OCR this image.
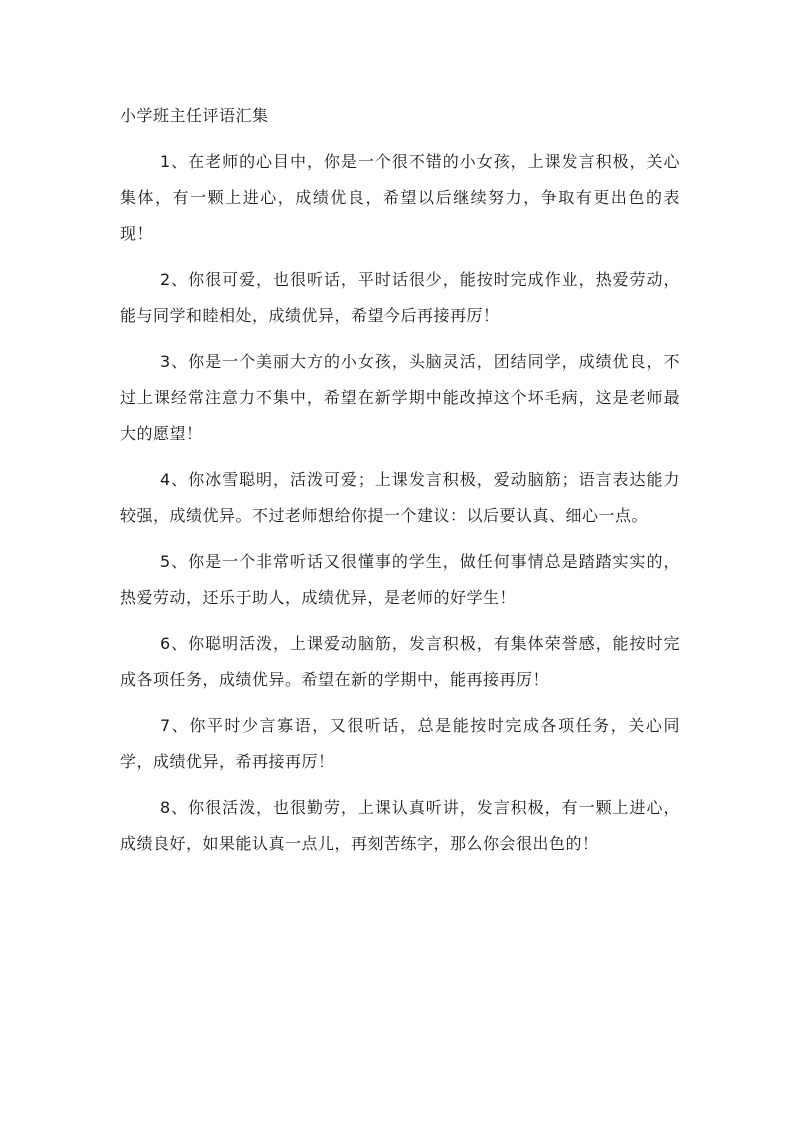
小学班主任评语汇集

1、在老师的心目中，你是一个很不错的小女孩，上课发言积极，关心集体，有一颗上进心，成绩优良，希望以后继续努力，争取有更出色的表现！

2、你很可爱，也很听话，平时话很少，能按时完成作业，热爱劳动，能与同学和睦相处，成绩优异，希望今后再接再厉！

3、你是一个美丽大方的小女孩，头脑灵活，团结同学，成绩优良，不过上课经常注意力不集中，希望在新学期中能改掉这个坏毛病，这是老师最大的愿望！

4、你冰雪聪明，活泼可爱；上课发言积极，爱动脑筋；语言表达能力较强，成绩优异。不过老师想给你提一个建议：以后要认真、细心一点。

5、你是一个非常听话又很懂事的学生，做任何事情总是踏踏实实的，热爱劳动，还乐于助人，成绩优异，是老师的好学生！

6、你聪明活泼，上课爱动脑筋，发言积极，有集体荣誉感，能按时完成各项任务，成绩优异。希望在新的学期中，能再接再厉！

7、你平时少言寡语，又很听话，总是能按时完成各项任务，关心同学，成绩优异，希再接再厉！

8、你很活泼，也很勤劳，上课认真听讲，发言积极，有一颗上进心，成绩良好，如果能认真一点儿，再刻苦练字，那么你会很出色的！
